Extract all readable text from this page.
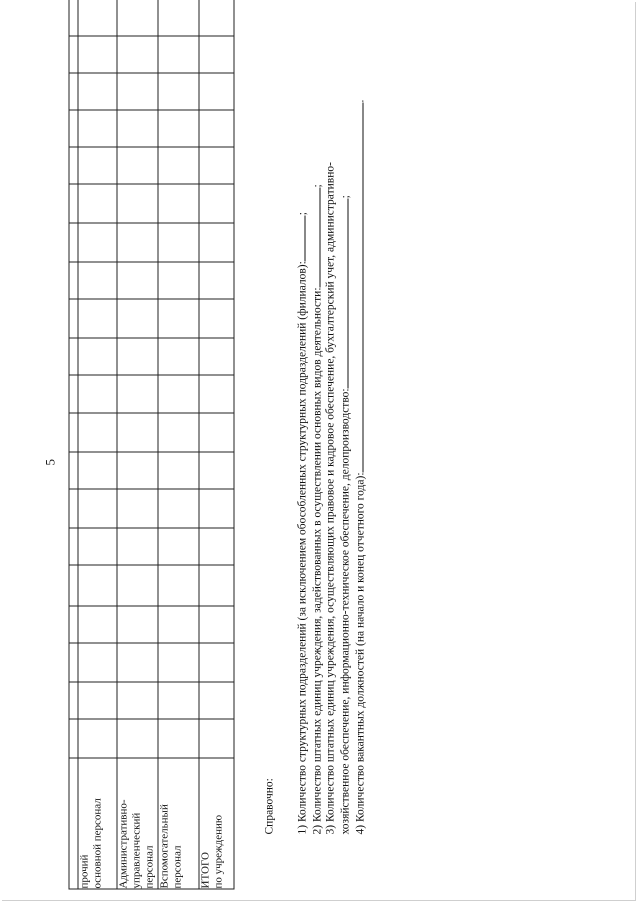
5

прочий
основной персонал																				

Административно-
управленческий
персонал																				

Вспомогательный
персонал																				

ИТОГО
по учреждению																				

Справочно: 1) Количество структурных подразделений (за исключением обособленных структурных подразделений (филиалов):;
2) Количество штатных единиц учреждения, задействованных в осуществлении основных видов деятельности:; 3) Количество штатных единиц учреждения, осуществляющих правовое и кадровое обеспечение, бухгалтерский учет, административно- хозяйственное обеспечение, информационно-техническое обеспечение, делопроизводство:;
4) Количество вакантных должностей (на начало и конец отчетного года):.
